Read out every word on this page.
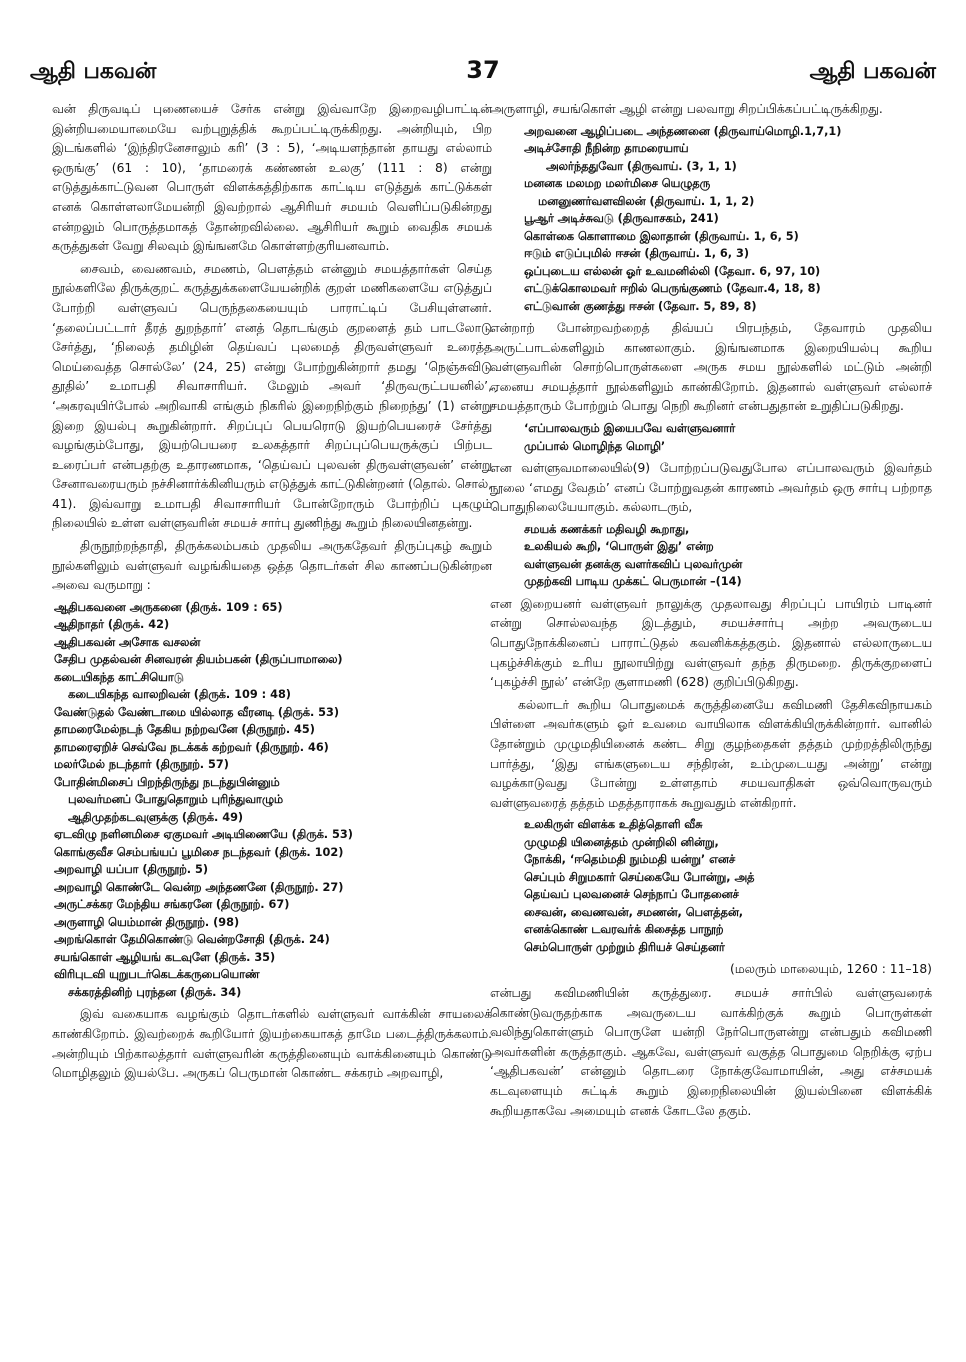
ஆதி பகவன்	37	ஆதி பகவன்

வன் திருவடிப் புணையைச் சேர்க என்று இவ்வாறே இறைவழிபாட்டின் இன்றியமையாமையே வற்புறுத்திக் கூறப்பட்டிருக்கிறது. அன்றியும், பிற இடங்களில் ‘இந்திரனேசாலும் கரி’ (3 : 5), ‘அடியளந்தான் தாயது எல்லாம் ஒருங்கு’ (61 : 10), ‘தாமரைக் கண்ணன் உலகு’ (111 : 8) என்று எடுத்துக்காட்டுவன பொருள் விளக்கத்திற்காக காட்டிய எடுத்துக் காட்டுக்கள் எனக் கொள்ளலாமேயன்றி இவற்றால் ஆசிரியர் சமயம் வெளிப்படுகின்றது என்றலும் பொருத்தமாகத் தோன்றவில்லை. ஆசிரியர் கூறும் வைதிக சமயக் கருத்துகள் வேறு சிலவும் இங்ஙனமே கொள்ளற்குரியனவாம்.

சைவம், வைணவம், சமணம், பௌத்தம் என்னும் சமயத்தார்கள் செய்த நூல்களிலே திருக்குறட் கருத்துக்களையேயன்றிக் குறள் மணிகளையே எடுத்துப் போற்றி வள்ளுவப் பெருந்தகையையும் பாராட்டிப் பேசியுள்ளனர். ‘தலைப்பட்டார் தீரத் துறந்தார்’ எனத் தொடங்கும் குறளைத் தம் பாடலோடு சேர்த்து, ‘நிலைத் தமிழின் தெய்வப் புலமைத் திருவள்ளுவர் உரைத்த மெய்வைத்த சொல்லே’ (24, 25) என்று போற்றுகின்றார் தமது ‘நெஞ்சுவிடு தூதில்’ உமாபதி சிவாசாரியர். மேலும் அவர் ‘திருவருட்பயனில்’, ‘அகரவுயிர்போல் அறிவாகி எங்கும் நிகரில் இறைநிற்கும் நிறைந்து’ (1) என்று இறை இயல்பு கூறுகின்றார். சிறப்புப் பெயரொடு இயற்பெயரைச் சேர்த்து வழங்கும்போது, இயற்பெயரை உலகத்தார் சிறப்புப்பெயருக்குப் பிற்பட உரைப்பர் என்பதற்கு உதாரணமாக, ‘தெய்வப் புலவன் திருவள்ளுவன்’ என்று சேனாவரையரும் நச்சினார்க்கினியரும் எடுத்துக் காட்டுகின்றனர் (தொல். சொல், 41). இவ்வாறு உமாபதி சிவாசாரியர் போன்றோரும் போற்றிப் புகழும் நிலையில் உள்ள வள்ளுவரின் சமயச் சார்பு துணிந்து கூறும் நிலையினதன்று.

திருநூற்றந்தாதி, திருக்கலம்பகம் முதலிய அருகதேவர் திருப்புகழ் கூறும் நூல்களிலும் வள்ளுவர் வழங்கியதை ஒத்த தொடர்கள் சில காணப்படுகின்றன அவை வருமாறு :

ஆதிபகவனை அருகனை (திருக். 109 : 65)
ஆதிநாதர் (திருக். 42)
ஆதிபகவன் அசோக வசலன்
சேதிப முதல்வன் சினவரன் தியம்பகன் (திருப்பாமாலை)
கடையிகந்த காட்சியொடு
கடையிகந்த வாலறிவன் (திருக். 109 : 48)
வேண்டுதல் வேண்டாமை யில்லாத வீரனடி (திருக். 53)
தாமரைமேல்நடந் தேகிய நற்றவனே (திருநூற். 45)
தாமரைஏறிச் செவ்வே நடக்கக் கற்றவர் (திருநூற். 46)
மலர்மேல் நடந்தார் (திருநூற். 57)
போதின்மிசைப் பிறந்திருந்து நடந்துபின்னும்
புலவர்மனப் போதுதொறும் புரிந்துவாழும்
ஆதிமுதற்கடவுளுக்கு (திருக். 49)
ஏடவிழு நளினமிசை ஏகுமவர் அடியிணையே (திருக். 53)
கொங்குவீச செம்பங்யப் பூமிசை நடந்தவர் (திருக். 102)
அறவாழி யப்பா (திருநூற். 5)
அறவாழி கொண்டே வென்ற அந்தணனே (திருநூற். 27)
அருட்சக்கர மேந்திய சங்கரனே (திருநூற். 67)
அருளாழி யெம்மான் திருநூற். (98)
அறங்கொள் தேமிகொண்டு வென்றசோதி (திருக். 24)
சயங்கொள் ஆழியங் கடவுளே (திருக். 35)
விரிபுடவி யுறுபடர்கெடக்கருபையொண்
சக்கரத்தினிற் புரந்தன (திருக். 34)

இவ் வகையாக வழங்கும் தொடர்களில் வள்ளுவர் வாக்கின் சாயலைக் காண்கிறோம். இவற்றைக் கூறியோர் இயற்கையாகத் தாமே படைத்திருக்கலாம். அன்றியும் பிற்காலத்தார் வள்ளுவரின் கருத்தினையும் வாக்கினையும் கொண்டு மொழிதலும் இயல்பே. அருகப் பெருமான் கொண்ட சக்கரம் அறவாழி,

அருளாழி, சயங்கொள் ஆழி என்று பலவாறு சிறப்பிக்கப்பட்டிருக்கிறது.

அறவனை ஆழிப்படை அந்தணனை (திருவாய்மொழி.1,7,1)
அடிச்சோதி நீநின்ற தாமரையாய்
அலர்ந்ததுவோ (திருவாய். (3, 1, 1)
மனனக மலமற மலர்மிசை யெழுதரு
மனனுணர்வளவிலன் (திருவாய். 1, 1, 2)
பூஆர் அடிச்சுவடு (திருவாசகம், 241)
கொள்கை கொளாமை இலாதான் (திருவாய். 1, 6, 5)
ஈடும் எடுப்புமில் ஈசன் (திருவாய். 1, 6, 3)
ஒப்புடைய எல்லன் ஓர் உவமனில்லி (தேவா. 6, 97, 10)
எட்டுக்கொலமவர் ஈறில் பெருங்குணம் (தேவா.4, 18, 8)
எட்டுவான் குணத்து ஈசன் (தேவா. 5, 89, 8)

என்றாற் போன்றவற்றைத் திவ்யப் பிரபந்தம், தேவாரம் முதலிய அருட்பாடல்களிலும் காணலாகும். இங்ஙனமாக இறையியல்பு கூறிய வள்ளுவரின் சொற்பொருள்களை அருக சமய நூல்களில் மட்டும் அன்றி ஏனைய சமயத்தார் நூல்களிலும் காண்கிறோம். இதனால் வள்ளுவர் எல்லாச் சமயத்தாரும் போற்றும் பொது நெறி கூறினர் என்பதுதான் உறுதிப்படுகிறது.

‘எப்பாலவரும் இயைபவே வள்ளுவனார்
முப்பால் மொழிந்த மொழி’

என வள்ளுவமாலையில்(9) போற்றப்படுவதுபோல எப்பாலவரும் இவர்தம் நூலை ‘எமது வேதம்’ எனப் போற்றுவதன் காரணம் அவர்தம் ஒரு சார்பு பற்றாத பொதுநிலையேயாகும். கல்லாடரும்,

சமயக் கணக்கர் மதிவழி கூறாது,
உலகியல் கூறி, ‘பொருள் இது’ என்ற
வள்ளுவன் தனக்கு வளர்கவிப் புலவர்முன்
முதற்கவி பாடிய முக்கட் பெருமான் –(14)

என இறையனர் வள்ளுவர் நாலுக்கு முதலாவது சிறப்புப் பாயிரம் பாடினர் என்று சொல்லவந்த இடத்தும், சமயச்சார்பு அற்ற அவருடைய பொதுநோக்கினைப் பாராட்டுதல் கவனிக்கத்தகும். இதனால் எல்லாருடைய புகழ்ச்சிக்கும் உரிய நூலாயிற்று வள்ளுவர் தந்த திருமறை. திருக்குறளைப் ‘புகழ்ச்சி நூல்’ என்றே சூளாமணி (628) குறிப்பிடுகிறது.

கல்லாடர் கூறிய பொதுமைக் கருத்தினையே கவிமணி தேசிகவிநாயகம் பிள்ளை அவர்களும் ஓர் உவமை வாயிலாக விளக்கியிருக்கின்றார். வானில் தோன்றும் முழுமதியினைக் கண்ட சிறு குழந்தைகள் தத்தம் முற்றத்திலிருந்து பார்த்து, ‘இது எங்களுடைய சந்திரன், உம்முடையது அன்று’ என்று வழக்காடுவது போன்று உள்ளதாம் சமயவாதிகள் ஒவ்வொருவரும் வள்ளுவரைத் தத்தம் மதத்தாராகக் கூறுவதும் என்கிறார்.

உலகிருள் விளக்க உதித்தொளி வீசு
முழுமதி யினைத்தம் முன்றிலி னின்று,
நோக்கி, ‘ஈதெம்மதி நும்மதி யன்று’ எனச்
செப்பும் சிறுமகார் செய்கையே போன்று, அத்
தெய்வப் புலவனைச் செந்நாப் போதனைச்
சைவன், வைணவன், சமணன், பௌத்தன்,
எனக்கொண் டவரவர்க் கிசைத்த பாநூற்
செம்பொருள் முற்றும் திரியச் செய்தனர்
(மலரும் மாலையும், 1260 : 11–18)

என்பது கவிமணியின் கருத்துரை. சமயச் சார்பில் வள்ளுவரைக் கொண்டுவருதற்காக அவருடைய வாக்கிற்குக் கூறும் பொருள்கள் வலிந்துகொள்ளும் பொருளே யன்றி நேர்பொருளன்று என்பதும் கவிமணி அவர்களின் கருத்தாகும். ஆகவே, வள்ளுவர் வகுத்த பொதுமை நெறிக்கு ஏற்ப ‘ஆதிபகவன்’ என்னும் தொடரை நோக்குவோமாயின், அது எச்சமயக் கடவுளையும் சுட்டிக் கூறும் இறைநிலையின் இயல்பினை விளக்கிக் கூறியதாகவே அமையும் எனக் கோடலே தகும்.
